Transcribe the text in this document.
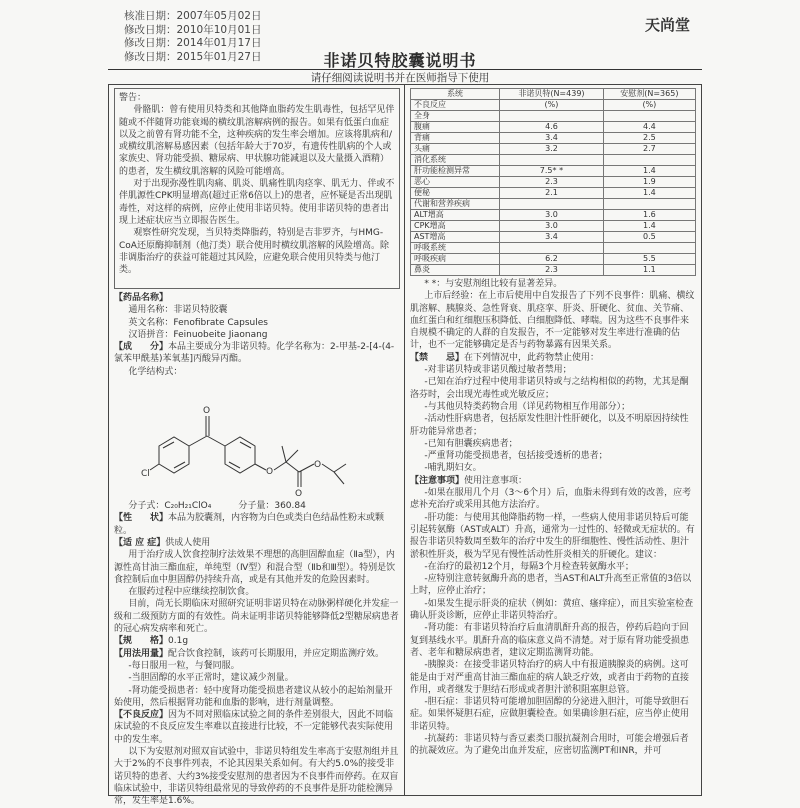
核准日期：2007年05月02日
修改日期：2010年10月01日
修改日期：2014年01月17日
修改日期：2015年01月27日
天尚堂
非诺贝特胶囊说明书
请仔细阅读说明书并在医师指导下使用

警告：

骨骼肌：曾有使用贝特类和其他降血脂药发生肌毒性，包括罕见伴随或不伴随肾功能衰竭的横纹肌溶解病例的报告。如果有低蛋白血症以及之前曾有肾功能不全，这种疾病的发生率会增加。应该将肌病和/或横纹肌溶解易感因素（包括年龄大于70岁，有遗传性肌病的个人或家族史、肾功能受损、糖尿病、甲状腺功能减退以及大量摄入酒精）的患者，发生横纹肌溶解的风险可能增高。

对于出现弥漫性肌肉痛、肌炎、肌痛性肌肉痉挛、肌无力、伴或不伴肌源性CPK明显增高(超过正常6倍以上)的患者，应怀疑是否出现肌毒性，对这样的病例，应停止使用非诺贝特。使用非诺贝特的患者出现上述症状应当立即报告医生。

观察性研究发现，当贝特类降脂药，特别是吉非罗齐，与HMG-CoA还原酶抑制剂（他汀类）联合使用时横纹肌溶解的风险增高。除非调脂治疗的获益可能超过其风险，应避免联合使用贝特类与他汀类。

【药品名称】

通用名称：非诺贝特胶囊

英文名称：Fenofibrate Capsules

汉语拼音：Feinuobeite Jiaonang

【成　　分】本品主要成分为非诺贝特。化学名称为：2-甲基-2-[4-(4-氯苯甲酰基)苯氧基]丙酸异丙酯。

化学结构式：

O
Cl	O
O
O

分子式：C₂₀H₂₁ClO₄　　　分子量：360.84

【性　　状】本品为胶囊剂，内容物为白色或类白色结晶性粉末或颗粒。

【适 应 症】供成人使用

用于治疗成人饮食控制疗法效果不理想的高胆固醇血症（Ⅱa型），内源性高甘油三酯血症，单纯型（Ⅳ型）和混合型（Ⅱb和Ⅲ型）。特别是饮食控制后血中胆固醇仍持续升高，或是有其他并发的危险因素时。

在服药过程中应继续控制饮食。

目前，尚无长期临床对照研究证明非诺贝特在动脉粥样硬化并发症一级和二级预防方面的有效性。尚未证明非诺贝特能够降低2型糖尿病患者的冠心病发病率和死亡。

【规　　格】0.1g

【用法用量】配合饮食控制，该药可长期服用，并应定期监测疗效。

-每日服用一粒，与餐同服。

-当胆固醇的水平正常时，建议减少剂量。

-肾功能受损患者：轻中度肾功能受损患者建议从较小的起始剂量开始使用，然后根据肾功能和血脂的影响，进行剂量调整。

【不良反应】因为不同对照临床试验之间的条件差别很大，因此不同临床试验的不良反应发生率难以直接进行比较，不一定能够代表实际使用中的发生率。

以下为安慰剂对照双盲试验中，非诺贝特组发生率高于安慰剂组并且大于2%的不良事件列表，不论其因果关系如何。有大约5.0%的接受非诺贝特的患者、大约3%接受安慰剂的患者因为不良事件而停药。在双盲临床试验中，非诺贝特组最常见的导致停药的不良事件是肝功能检测异常，发生率是1.6%。

系统	非诺贝特(N=439)	安慰剂(N=365)
不良反应	(%)	(%)
全身		
腹痛	4.6	4.4
背痛	3.4	2.5
头痛	3.2	2.7
消化系统		
肝功能检测异常	7.5* *	1.4
恶心	2.3	1.9
便秘	2.1	1.4
代谢和营养疾病		
ALT增高	3.0	1.6
CPK增高	3.0	1.4
AST增高	3.4	0.5
呼吸系统		
呼吸疾病	6.2	5.5
鼻炎	2.3	1.1

* *：与安慰剂组比较有显著差异。

上市后经验：在上市后使用中自发报告了下列不良事件：肌痛、横纹肌溶解、胰腺炎、急性肾衰、肌痉挛、肝炎、肝硬化、贫血、关节痛、血红蛋白和红细胞压积降低、白细胞降低、哮喘。因为这些不良事件来自规模不确定的人群的自发报告，不一定能够对发生率进行准确的估计，也不一定能够确定是否与药物暴露有因果关系。

【禁　　忌】在下列情况中，此药物禁止使用：

-对非诺贝特或非诺贝酸过敏者禁用；

-已知在治疗过程中使用非诺贝特或与之结构相似的药物，尤其是酮洛芬时，会出现光毒性或光敏反应；

-与其他贝特类药物合用（详见药物相互作用部分）；

-活动性肝病患者，包括原发性胆汁性肝硬化，以及不明原因持续性肝功能异常患者；

-已知有胆囊疾病患者；

-严重肾功能受损患者，包括接受透析的患者；

-哺乳期妇女。

【注意事项】使用注意事项：

-如果在服用几个月（3～6个月）后，血脂未得到有效的改善，应考虑补充治疗或采用其他方法治疗。

-肝功能：与使用其他降脂药物一样，一些病人使用非诺贝特后可能引起转氨酶（AST或ALT）升高，通常为一过性的、轻微或无症状的。有报告非诺贝特数周至数年的治疗中发生的肝细胞性、慢性活动性、胆汁淤积性肝炎，极为罕见有慢性活动性肝炎相关的肝硬化。建议：

-在治疗的最初12个月，每隔3个月检查转氨酶水平；

-应特别注意转氨酶升高的患者，当AST和ALT升高至正常值的3倍以上时，应停止治疗；

-如果发生提示肝炎的症状（例如：黄疸、瘙痒症），而且实验室检查确认肝炎诊断，应停止非诺贝特治疗。

-肾功能：有非诺贝特治疗后血清肌酐升高的报告，停药后趋向于回复到基线水平。肌酐升高的临床意义尚不清楚。对于原有肾功能受损患者、老年和糖尿病患者，建议定期监测肾功能。

-胰腺炎：在接受非诺贝特治疗的病人中有报道胰腺炎的病例。这可能是由于对严重高甘油三酯血症的病人缺乏疗效，或者由于药物的直接作用，或者继发于胆结石形成或者胆汁淤积阻塞胆总管。

-胆石症：非诺贝特可能增加胆固醇的分泌进入胆汁，可能导致胆石症。如果怀疑胆石症，应做胆囊检查。如果确诊胆石症，应当停止使用非诺贝特。

-抗凝药：非诺贝特与香豆素类口服抗凝剂合用时，可能会增强后者的抗凝效应。为了避免出血并发症，应密切监测PT和INR，并可
